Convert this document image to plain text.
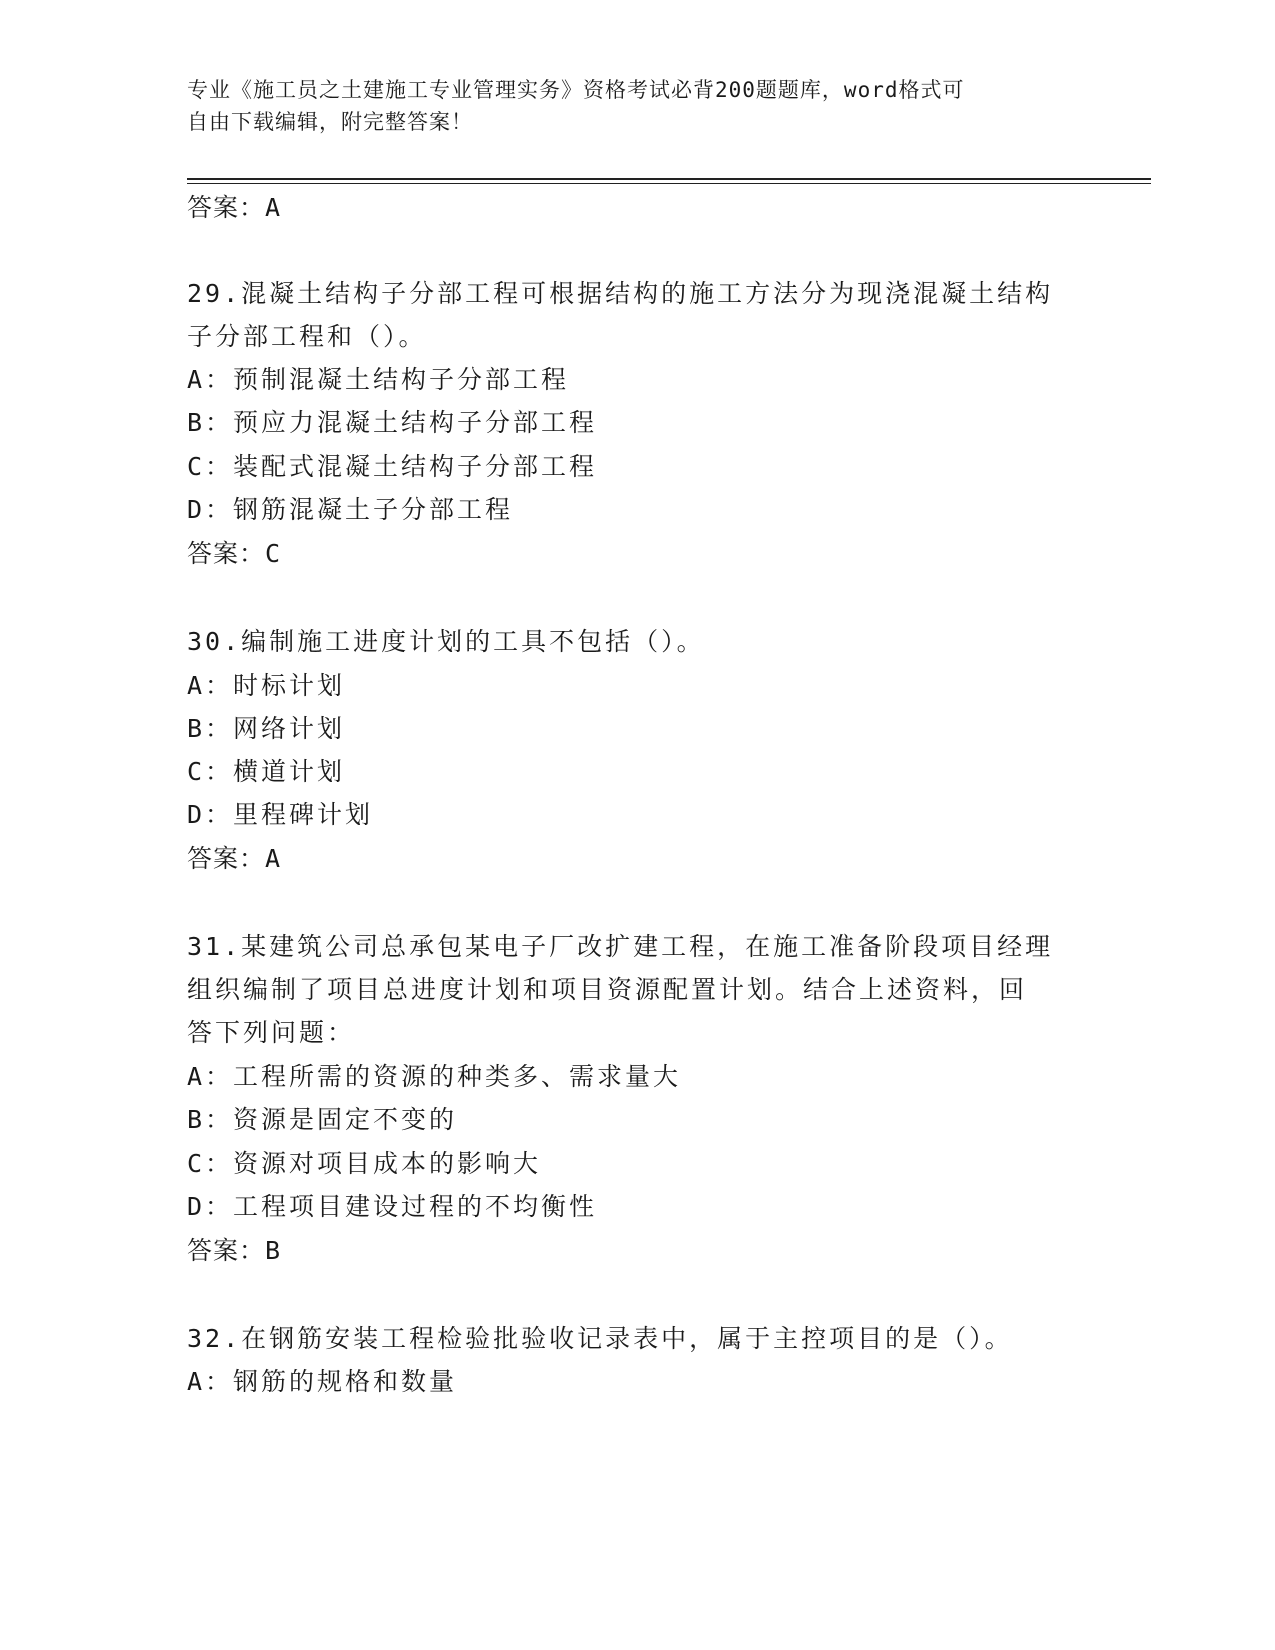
专业《施工员之土建施工专业管理实务》资格考试必背200题题库，word格式可
自由下载编辑，附完整答案！
答案：A
29.混凝土结构子分部工程可根据结构的施工方法分为现浇混凝土结构
子分部工程和（）。
A：预制混凝土结构子分部工程
B：预应力混凝土结构子分部工程
C：装配式混凝土结构子分部工程
D：钢筋混凝土子分部工程
答案：C
30.编制施工进度计划的工具不包括（）。
A：时标计划
B：网络计划
C：横道计划
D：里程碑计划
答案：A
31.某建筑公司总承包某电子厂改扩建工程，在施工准备阶段项目经理
组织编制了项目总进度计划和项目资源配置计划。结合上述资料，回
答下列问题：
A：工程所需的资源的种类多、需求量大
B：资源是固定不变的
C：资源对项目成本的影响大
D：工程项目建设过程的不均衡性
答案：B
32.在钢筋安装工程检验批验收记录表中，属于主控项目的是（）。
A：钢筋的规格和数量
